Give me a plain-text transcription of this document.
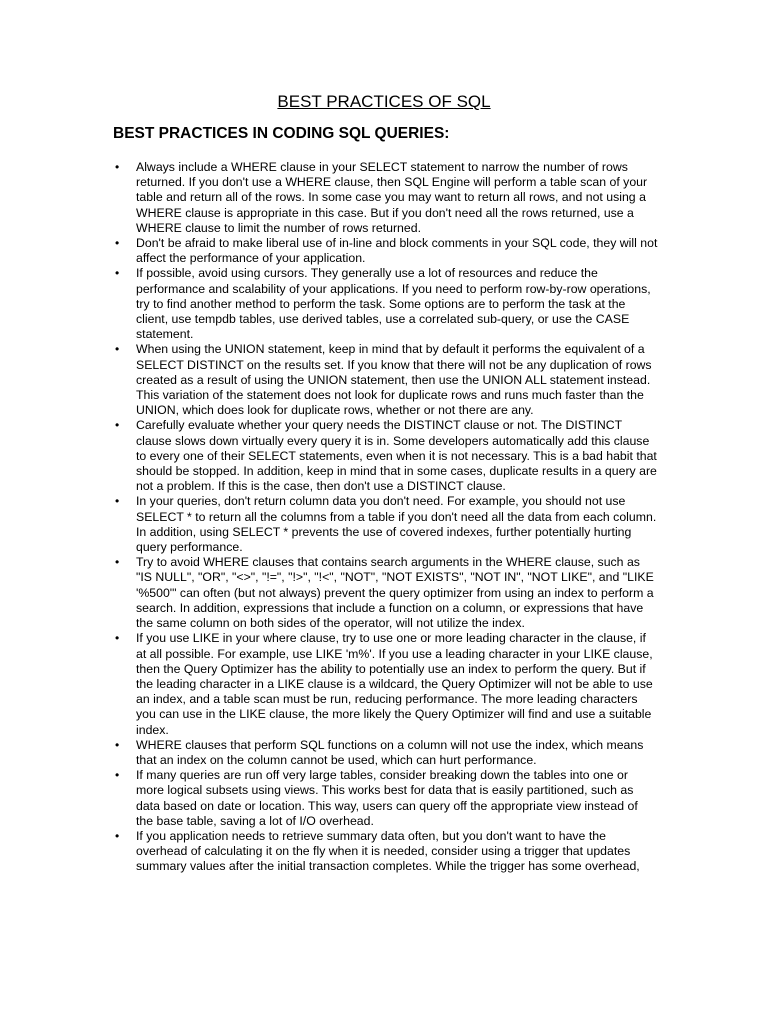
BEST PRACTICES OF SQL
BEST PRACTICES IN CODING SQL QUERIES:
• Always include a WHERE clause in your SELECT statement to narrow the number of rows returned. If you don't use a WHERE clause, then SQL Engine will perform a table scan of your table and return all of the rows. In some case you may want to return all rows, and not using a WHERE clause is appropriate in this case. But if you don't need all the rows returned, use a WHERE clause to limit the number of rows returned.
• Don't be afraid to make liberal use of in-line and block comments in your SQL code, they will not affect the performance of your application.
• If possible, avoid using cursors. They generally use a lot of resources and reduce the performance and scalability of your applications. If you need to perform row-by-row operations, try to find another method to perform the task. Some options are to perform the task at the client, use tempdb tables, use derived tables, use a correlated sub-query, or use the CASE statement.
• When using the UNION statement, keep in mind that by default it performs the equivalent of a SELECT DISTINCT on the results set. If you know that there will not be any duplication of rows created as a result of using the UNION statement, then use the UNION ALL statement instead. This variation of the statement does not look for duplicate rows and runs much faster than the UNION, which does look for duplicate rows, whether or not there are any.
• Carefully evaluate whether your query needs the DISTINCT clause or not. The DISTINCT clause slows down virtually every query it is in. Some developers automatically add this clause to every one of their SELECT statements, even when it is not necessary. This is a bad habit that should be stopped. In addition, keep in mind that in some cases, duplicate results in a query are not a problem. If this is the case, then don't use a DISTINCT clause.
• In your queries, don't return column data you don't need. For example, you should not use SELECT * to return all the columns from a table if you don't need all the data from each column. In addition, using SELECT * prevents the use of covered indexes, further potentially hurting query performance.
• Try to avoid WHERE clauses that contains search arguments in the WHERE clause, such as "IS NULL", "OR", "<>", "!=", "!>", "!<", "NOT", "NOT EXISTS", "NOT IN", "NOT LIKE", and "LIKE '%500'" can often (but not always) prevent the query optimizer from using an index to perform a search. In addition, expressions that include a function on a column, or expressions that have the same column on both sides of the operator, will not utilize the index.
• If you use LIKE in your where clause, try to use one or more leading character in the clause, if at all possible. For example, use LIKE 'm%'. If you use a leading character in your LIKE clause, then the Query Optimizer has the ability to potentially use an index to perform the query. But if the leading character in a LIKE clause is a wildcard, the Query Optimizer will not be able to use an index, and a table scan must be run, reducing performance. The more leading characters you can use in the LIKE clause, the more likely the Query Optimizer will find and use a suitable index.
• WHERE clauses that perform SQL functions on a column will not use the index, which means that an index on the column cannot be used, which can hurt performance.
• If many queries are run off very large tables, consider breaking down the tables into one or more logical subsets using views. This works best for data that is easily partitioned, such as data based on date or location. This way, users can query off the appropriate view instead of the base table, saving a lot of I/O overhead.
• If you application needs to retrieve summary data often, but you don't want to have the overhead of calculating it on the fly when it is needed, consider using a trigger that updates summary values after the initial transaction completes. While the trigger has some overhead,
